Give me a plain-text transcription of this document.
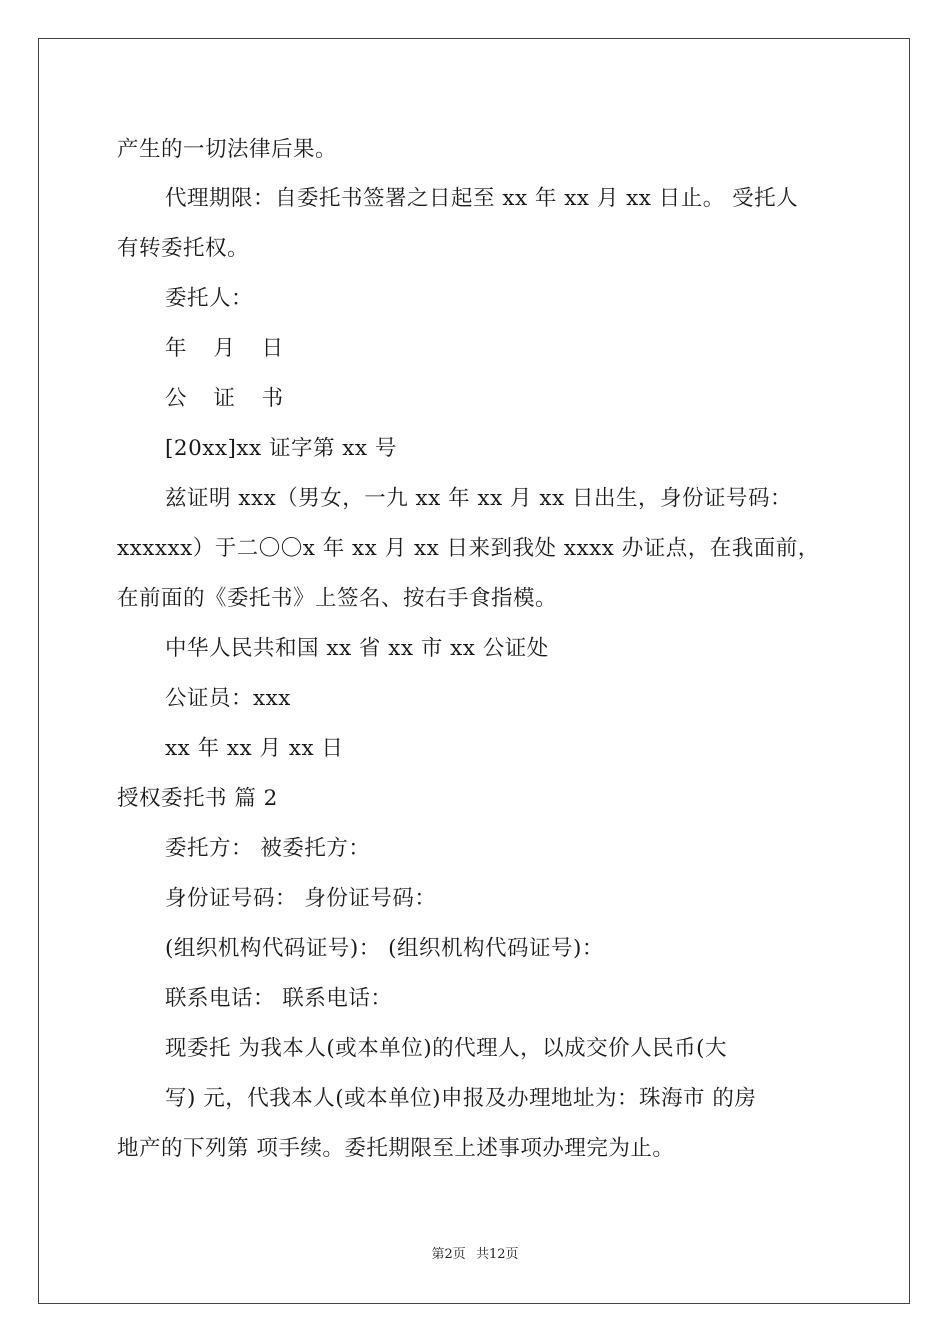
产生的一切法律后果。
代理期限：自委托书签署之日起至 xx 年 xx 月 xx 日止。 受托人
有转委托权。
委托人：
年 月 日
公 证 书
[20xx]xx 证字第 xx 号
兹证明 xxx（男女，一九 xx 年 xx 月 xx 日出生，身份证号码：
xxxxxx）于二〇〇x 年 xx 月 xx 日来到我处 xxxx 办证点，在我面前，
在前面的《委托书》上签名、按右手食指模。
中华人民共和国 xx 省 xx 市 xx 公证处
公证员：xxx
xx 年 xx 月 xx 日
授权委托书 篇 2
委托方： 被委托方：
身份证号码： 身份证号码：
(组织机构代码证号)： (组织机构代码证号)：
联系电话： 联系电话：
现委托 为我本人(或本单位)的代理人，以成交价人民币(大
写) 元，代我本人(或本单位)申报及办理地址为：珠海市 的房
地产的下列第 项手续。委托期限至上述事项办理完为止。
第2页 共12页
